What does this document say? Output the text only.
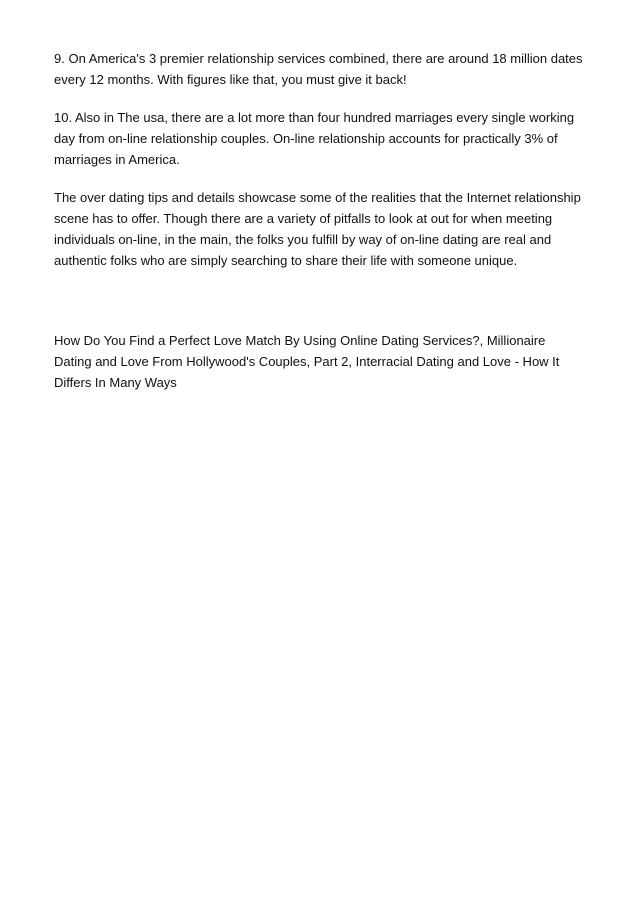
9. On America's 3 premier relationship services combined, there are around 18 million dates every 12 months. With figures like that, you must give it back!

10. Also in The usa, there are a lot more than four hundred marriages every single working day from on-line relationship couples. On-line relationship accounts for practically 3% of marriages in America.

The over dating tips and details showcase some of the realities that the Internet relationship scene has to offer. Though there are a variety of pitfalls to look at out for when meeting individuals on-line, in the main, the folks you fulfill by way of on-line dating are real and authentic folks who are simply searching to share their life with someone unique.

How Do You Find a Perfect Love Match By Using Online Dating Services?, Millionaire Dating and Love From Hollywood's Couples, Part 2, Interracial Dating and Love - How It Differs In Many Ways
